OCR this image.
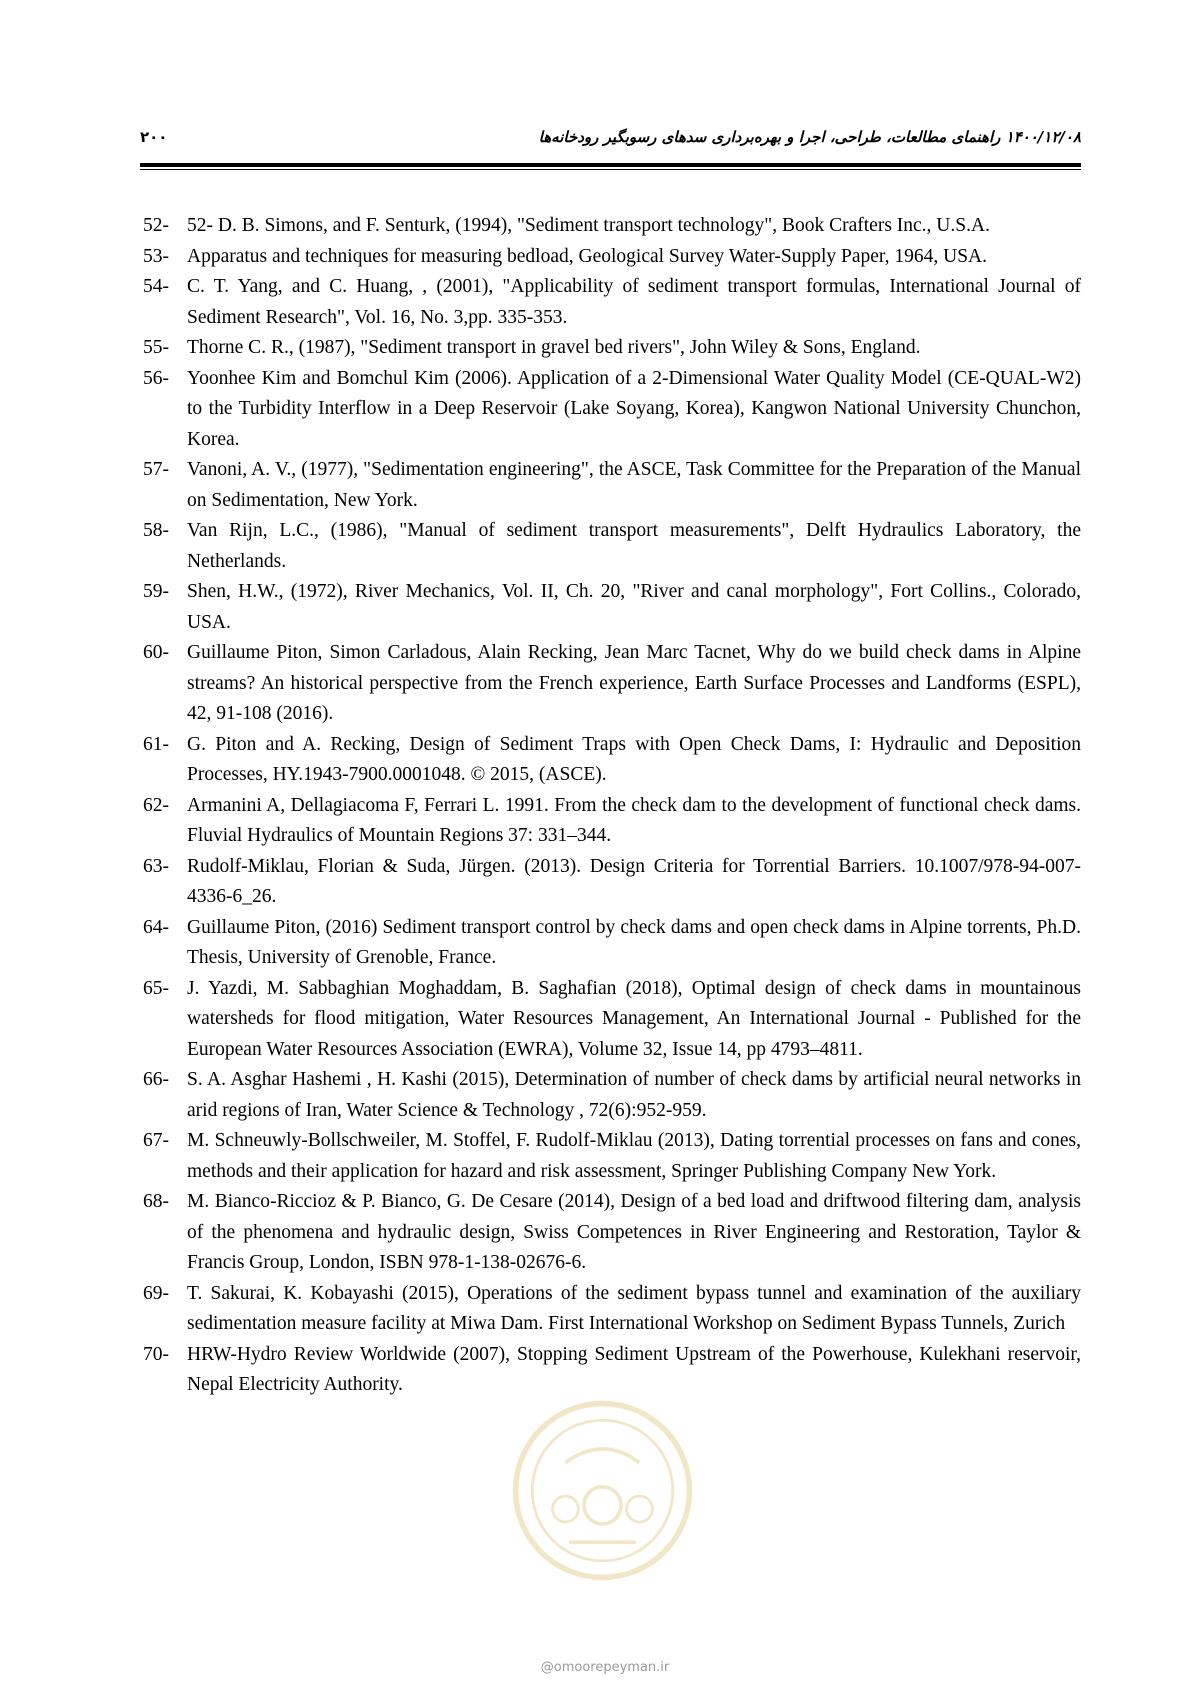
۲۰۰	۱۴۰۰/۱۲/۰۸ راهنمای مطالعات، طراحی، اجرا و بهره‌برداری سدهای رسوبگیر رودخانه‌ها
52- 52- D. B. Simons, and F. Senturk, (1994), "Sediment transport technology", Book Crafters Inc., U.S.A.
53- Apparatus and techniques for measuring bedload, Geological Survey Water-Supply Paper, 1964, USA.
54- C. T. Yang, and C. Huang, , (2001), "Applicability of sediment transport formulas, International Journal of Sediment Research", Vol. 16, No. 3,pp. 335-353.
55- Thorne C. R., (1987), "Sediment transport in gravel bed rivers", John Wiley & Sons, England.
56- Yoonhee Kim and Bomchul Kim (2006). Application of a 2-Dimensional Water Quality Model (CE-QUAL-W2) to the Turbidity Interflow in a Deep Reservoir (Lake Soyang, Korea), Kangwon National University Chunchon, Korea.
57- Vanoni, A. V., (1977), "Sedimentation engineering", the ASCE, Task Committee for the Preparation of the Manual on Sedimentation, New York.
58- Van Rijn, L.C., (1986), "Manual of sediment transport measurements", Delft Hydraulics Laboratory, the Netherlands.
59- Shen, H.W., (1972), River Mechanics, Vol. II, Ch. 20, "River and canal morphology", Fort Collins., Colorado, USA.
60- Guillaume Piton, Simon Carladous, Alain Recking, Jean Marc Tacnet, Why do we build check dams in Alpine streams? An historical perspective from the French experience, Earth Surface Processes and Landforms (ESPL), 42, 91-108 (2016).
61- G. Piton and A. Recking, Design of Sediment Traps with Open Check Dams, I: Hydraulic and Deposition Processes, HY.1943-7900.0001048. © 2015, (ASCE).
62- Armanini A, Dellagiacoma F, Ferrari L. 1991. From the check dam to the development of functional check dams. Fluvial Hydraulics of Mountain Regions 37: 331–344.
63- Rudolf-Miklau, Florian & Suda, Jürgen. (2013). Design Criteria for Torrential Barriers. 10.1007/978-94-007-4336-6_26.
64- Guillaume Piton, (2016) Sediment transport control by check dams and open check dams in Alpine torrents, Ph.D. Thesis, University of Grenoble, France.
65- J. Yazdi, M. Sabbaghian Moghaddam, B. Saghafian (2018), Optimal design of check dams in mountainous watersheds for flood mitigation, Water Resources Management, An International Journal - Published for the European Water Resources Association (EWRA), Volume 32, Issue 14, pp 4793–4811.
66- S. A. Asghar Hashemi , H. Kashi (2015), Determination of number of check dams by artificial neural networks in arid regions of Iran, Water Science & Technology , 72(6):952-959.
67- M. Schneuwly-Bollschweiler, M. Stoffel, F. Rudolf-Miklau (2013), Dating torrential processes on fans and cones, methods and their application for hazard and risk assessment, Springer Publishing Company New York.
68- M. Bianco-Riccioz & P. Bianco, G. De Cesare (2014), Design of a bed load and driftwood filtering dam, analysis of the phenomena and hydraulic design, Swiss Competences in River Engineering and Restoration, Taylor & Francis Group, London, ISBN 978-1-138-02676-6.
69- T. Sakurai, K. Kobayashi (2015), Operations of the sediment bypass tunnel and examination of the auxiliary sedimentation measure facility at Miwa Dam. First International Workshop on Sediment Bypass Tunnels, Zurich
70- HRW-Hydro Review Worldwide (2007), Stopping Sediment Upstream of the Powerhouse, Kulekhani reservoir, Nepal Electricity Authority.
@omoorepeyman.ir
